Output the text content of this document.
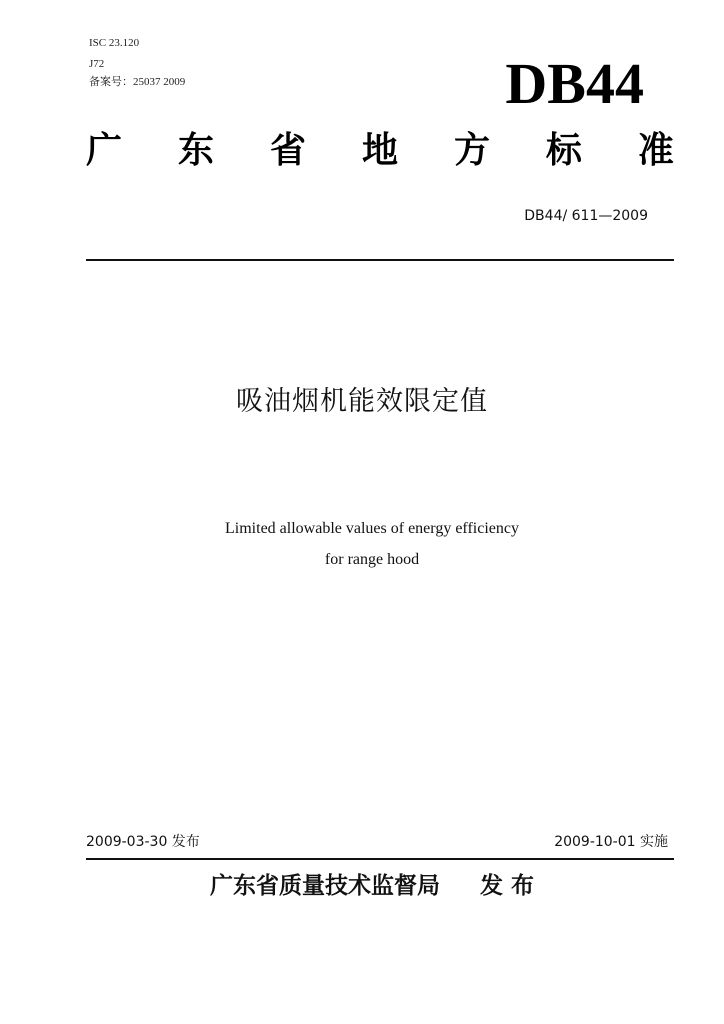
ISC 23.120
J72
备案号：25037 2009	DB44
广 东 省 地 方 标 准
DB44/ 611—2009
吸油烟机能效限定值
Limited allowable values of energy efficiency
for range hood
2009-03-30 发布	2009-10-01 实施
广东省质量技术监督局 发 布
